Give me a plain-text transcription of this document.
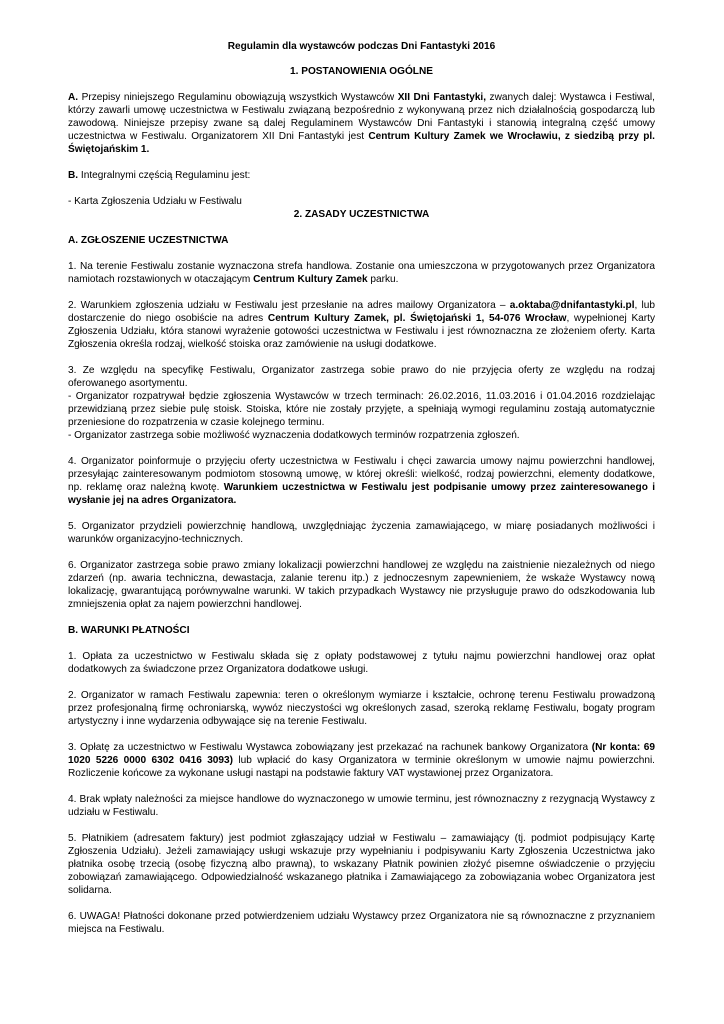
Regulamin dla wystawców podczas Dni Fantastyki 2016
1. POSTANOWIENIA OGÓLNE

A. Przepisy niniejszego Regulaminu obowiązują wszystkich Wystawców XII Dni Fantastyki, zwanych dalej: Wystawca i Festiwal, którzy zawarli umowę uczestnictwa w Festiwalu związaną bezpośrednio z wykonywaną przez nich działalnością gospodarczą lub zawodową. Niniejsze przepisy zwane są dalej Regulaminem Wystawców Dni Fantastyki i stanowią integralną część umowy uczestnictwa w Festiwalu. Organizatorem XII Dni Fantastyki jest Centrum Kultury Zamek we Wrocławiu, z siedzibą przy pl. Świętojańskim 1.

B. Integralnymi częścią Regulaminu jest:

- Karta Zgłoszenia Udziału w Festiwalu

2. ZASADY UCZESTNICTWA

A. ZGŁOSZENIE UCZESTNICTWA

1. Na terenie Festiwalu zostanie wyznaczona strefa handlowa. Zostanie ona umieszczona w przygotowanych przez Organizatora namiotach rozstawionych w otaczającym Centrum Kultury Zamek parku.

2. Warunkiem zgłoszenia udziału w Festiwalu jest przesłanie na adres mailowy Organizatora – a.oktaba@dnifantastyki.pl, lub dostarczenie do niego osobiście na adres Centrum Kultury Zamek, pl. Świętojański 1, 54-076 Wrocław, wypełnionej Karty Zgłoszenia Udziału, która stanowi wyrażenie gotowości uczestnictwa w Festiwalu i jest równoznaczna ze złożeniem oferty. Karta Zgłoszenia określa rodzaj, wielkość stoiska oraz zamówienie na usługi dodatkowe.

3. Ze względu na specyfikę Festiwalu, Organizator zastrzega sobie prawo do nie przyjęcia oferty ze względu na rodzaj oferowanego asortymentu.

- Organizator rozpatrywał będzie zgłoszenia Wystawców w trzech terminach: 26.02.2016, 11.03.2016 i 01.04.2016 rozdzielając przewidzianą przez siebie pulę stoisk. Stoiska, które nie zostały przyjęte, a spełniają wymogi regulaminu zostają automatycznie przeniesione do rozpatrzenia w czasie kolejnego terminu.

- Organizator zastrzega sobie możliwość wyznaczenia dodatkowych terminów rozpatrzenia zgłoszeń.

4. Organizator poinformuje o przyjęciu oferty uczestnictwa w Festiwalu i chęci zawarcia umowy najmu powierzchni handlowej, przesyłając zainteresowanym podmiotom stosowną umowę, w której określi: wielkość, rodzaj powierzchni, elementy dodatkowe, np. reklamę oraz należną kwotę. Warunkiem uczestnictwa w Festiwalu jest podpisanie umowy przez zainteresowanego i wysłanie jej na adres Organizatora.

5. Organizator przydzieli powierzchnię handlową, uwzględniając życzenia zamawiającego, w miarę posiadanych możliwości i warunków organizacyjno-technicznych.

6. Organizator zastrzega sobie prawo zmiany lokalizacji powierzchni handlowej ze względu na zaistnienie niezależnych od niego zdarzeń (np. awaria techniczna, dewastacja, zalanie terenu itp.) z jednoczesnym zapewnieniem, że wskaże Wystawcy nową lokalizację, gwarantującą porównywalne warunki. W takich przypadkach Wystawcy nie przysługuje prawo do odszkodowania lub zmniejszenia opłat za najem powierzchni handlowej.

B. WARUNKI PŁATNOŚCI

1. Opłata za uczestnictwo w Festiwalu składa się z opłaty podstawowej z tytułu najmu powierzchni handlowej oraz opłat dodatkowych za świadczone przez Organizatora dodatkowe usługi.

2. Organizator w ramach Festiwalu zapewnia: teren o określonym wymiarze i kształcie, ochronę terenu Festiwalu prowadzoną przez profesjonalną firmę ochroniarską, wywóz nieczystości wg określonych zasad, szeroką reklamę Festiwalu, bogaty program artystyczny i inne wydarzenia odbywające się na terenie Festiwalu.

3. Opłatę za uczestnictwo w Festiwalu Wystawca zobowiązany jest przekazać na rachunek bankowy Organizatora (Nr konta: 69 1020 5226 0000 6302 0416 3093) lub wpłacić do kasy Organizatora w terminie określonym w umowie najmu powierzchni. Rozliczenie końcowe za wykonane usługi nastąpi na podstawie faktury VAT wystawionej przez Organizatora.

4. Brak wpłaty należności za miejsce handlowe do wyznaczonego w umowie terminu, jest równoznaczny z rezygnacją Wystawcy z udziału w Festiwalu.

5. Płatnikiem (adresatem faktury) jest podmiot zgłaszający udział w Festiwalu – zamawiający (tj. podmiot podpisujący Kartę Zgłoszenia Udziału). Jeżeli zamawiający usługi wskazuje przy wypełnianiu i podpisywaniu Karty Zgłoszenia Uczestnictwa jako płatnika osobę trzecią (osobę fizyczną albo prawną), to wskazany Płatnik powinien złożyć pisemne oświadczenie o przyjęciu zobowiązań zamawiającego. Odpowiedzialność wskazanego płatnika i Zamawiającego za zobowiązania wobec Organizatora jest solidarna.

6. UWAGA! Płatności dokonane przed potwierdzeniem udziału Wystawcy przez Organizatora nie są równoznaczne z przyznaniem miejsca na Festiwalu.
